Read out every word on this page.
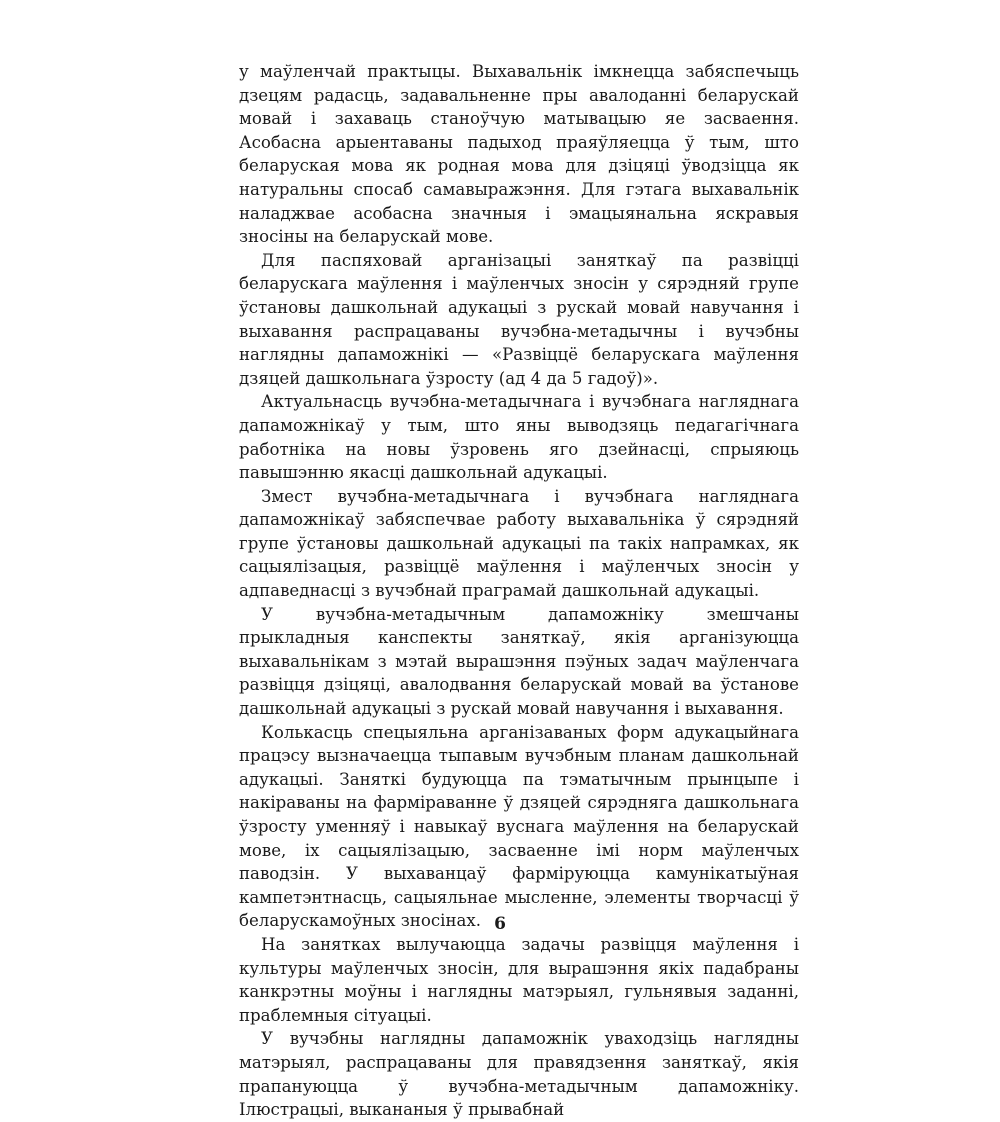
у маўленчай практыцы. Выхавальнік імкнецца забяспечыць дзецям радасць, задавальненне пры авалоданні беларускай мовай і захаваць станоўчую матывацыю яе засваення. Асобасна арыентаваны падыход праяўляецца ў тым, што беларуская мова як родная мова для дзіцяці ўводзіцца як натуральны спосаб самавыражэння. Для гэтага выхавальнік наладжвае асобасна значныя і эмацыянальна яскравыя зносіны на беларускай мове.

Для паспяховай арганізацыі заняткаў па развіцці беларускага маўлення і маўленчых зносін у сярэдняй групе ўстановы дашкольнай адукацыі з рускай мовай навучання і выхавання распрацаваны вучэбна-метадычны і вучэбны наглядны дапаможнікі — «Развіццё беларускага маўлення дзяцей дашкольнага ўзросту (ад 4 да 5 гадоў)».

Актуальнасць вучэбна-метадычнага і вучэбнага нагляднага дапаможнікаў у тым, што яны выводзяць педагагічнага работніка на новы ўзровень яго дзейнасці, спрыяюць павышэнню якасці дашкольнай адукацыі.

Змест вучэбна-метадычнага і вучэбнага нагляднага дапаможнікаў забяспечвае работу выхавальніка ў сярэдняй групе ўстановы дашкольнай адукацыі па такіх напрамках, як сацыялізацыя, развіццё маўлення і маўленчых зносін у адпаведнасці з вучэбнай праграмай дашкольнай адукацыі.

У вучэбна-метадычным дапаможніку змешчаны прыкладныя канспекты заняткаў, якія арганізуюцца выхавальнікам з мэтай вырашэння пэўных задач маўленчага развіцця дзіцяці, авалодвання беларускай мовай ва ўстанове дашкольнай адукацыі з рускай мовай навучання і выхавання.

Колькасць спецыяльна арганізаваных форм адукацыйнага працэсу вызначаецца тыпавым вучэбным планам дашкольнай адукацыі. Заняткі будуюцца па тэматычным прынцыпе і накіраваны на фарміраванне ў дзяцей сярэдняга дашкольнага ўзросту уменняў і навыкаў вуснага маўлення на беларускай мове, іх сацыялізацыю, засваенне імі норм маўленчых паводзін. У выхаванцаў фарміруюцца камунікатыўная кампетэнтнасць, сацыяльнае мысленне, элементы творчасці ў беларускамоўных зносінах.

На занятках вылучаюцца задачы развіцця маўлення і культуры маўленчых зносін, для вырашэння якіх падабраны канкрэтны моўны і наглядны матэрыял, гульнявыя заданні, праблемныя сітуацыі.

У вучэбны наглядны дапаможнік уваходзіць наглядны матэрыял, распрацаваны для правядзення заняткаў, якія прапануюцца ў вучэбна-метадычным дапаможніку. Ілюстрацыі, выкананыя ў прывабнай

6
